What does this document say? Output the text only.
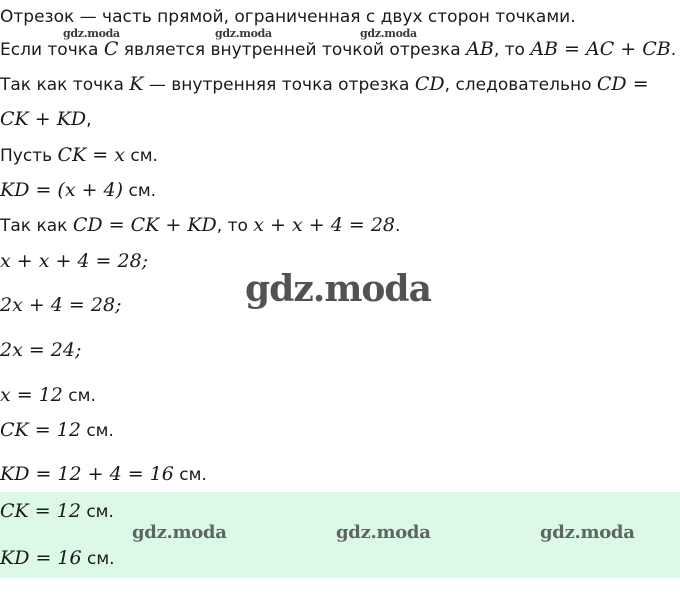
gdz.moda	gdz.moda	gdz.moda
Отрезок — часть прямой, ограниченная с двух сторон точками.
Если точка C является внутренней точкой отрезка AB, то AB = AC + CB.
Так как точка K — внутренняя точка отрезка CD, следовательно CD =
CK + KD,
Пусть CK = x см.
KD = (x + 4) см.
Так как CD = CK + KD, то x + x + 4 = 28.
x + x + 4 = 28;
gdz.moda
2x + 4 = 28;
2x = 24;
x = 12 см.
CK = 12 см.
KD = 12 + 4 = 16 см.
CK = 12 см.
gdz.moda	gdz.moda	gdz.moda
KD = 16 см.
